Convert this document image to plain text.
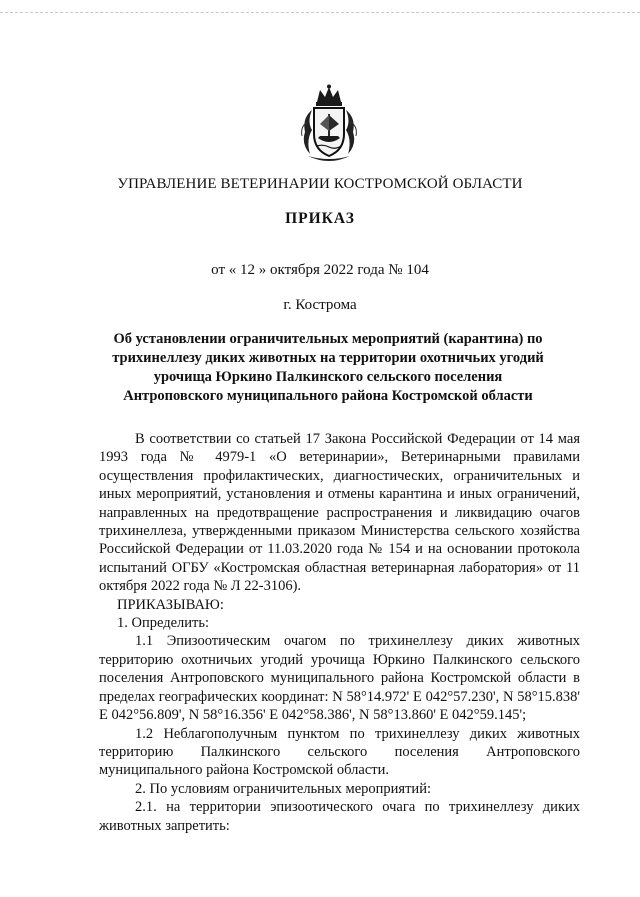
УПРАВЛЕНИЕ ВЕТЕРИНАРИИ КОСТРОМСКОЙ ОБЛАСТИ
ПРИКАЗ
от « 12 » октября 2022 года № 104
г. Кострома
Об установлении ограничительных мероприятий (карантина) по трихинеллезу диких животных на территории охотничьих угодий урочища Юркино Палкинского сельского поселения Антроповского муниципального района Костромской области

В соответствии со статьей 17 Закона Российской Федерации от 14 мая 1993 года № 4979-1 «О ветеринарии», Ветеринарными правилами осуществления профилактических, диагностических, ограничительных и иных мероприятий, установления и отмены карантина и иных ограничений, направленных на предотвращение распространения и ликвидацию очагов трихинеллеза, утвержденными приказом Министерства сельского хозяйства Российской Федерации от 11.03.2020 года № 154 и на основании протокола испытаний ОГБУ «Костромская областная ветеринарная лаборатория» от 11 октября 2022 года № Л 22-3106).

ПРИКАЗЫВАЮ:

1. Определить:

1.1 Эпизоотическим очагом по трихинеллезу диких животных территорию охотничьих угодий урочища Юркино Палкинского сельского поселения Антроповского муниципального района Костромской области в пределах географических координат: N 58°14.972' E 042°57.230', N 58°15.838' E 042°56.809', N 58°16.356' E 042°58.386', N 58°13.860' E 042°59.145';

1.2 Неблагополучным пунктом по трихинеллезу диких животных территорию Палкинского сельского поселения Антроповского муниципального района Костромской области.

2. По условиям ограничительных мероприятий:

2.1. на территории эпизоотического очага по трихинеллезу диких животных запретить:
